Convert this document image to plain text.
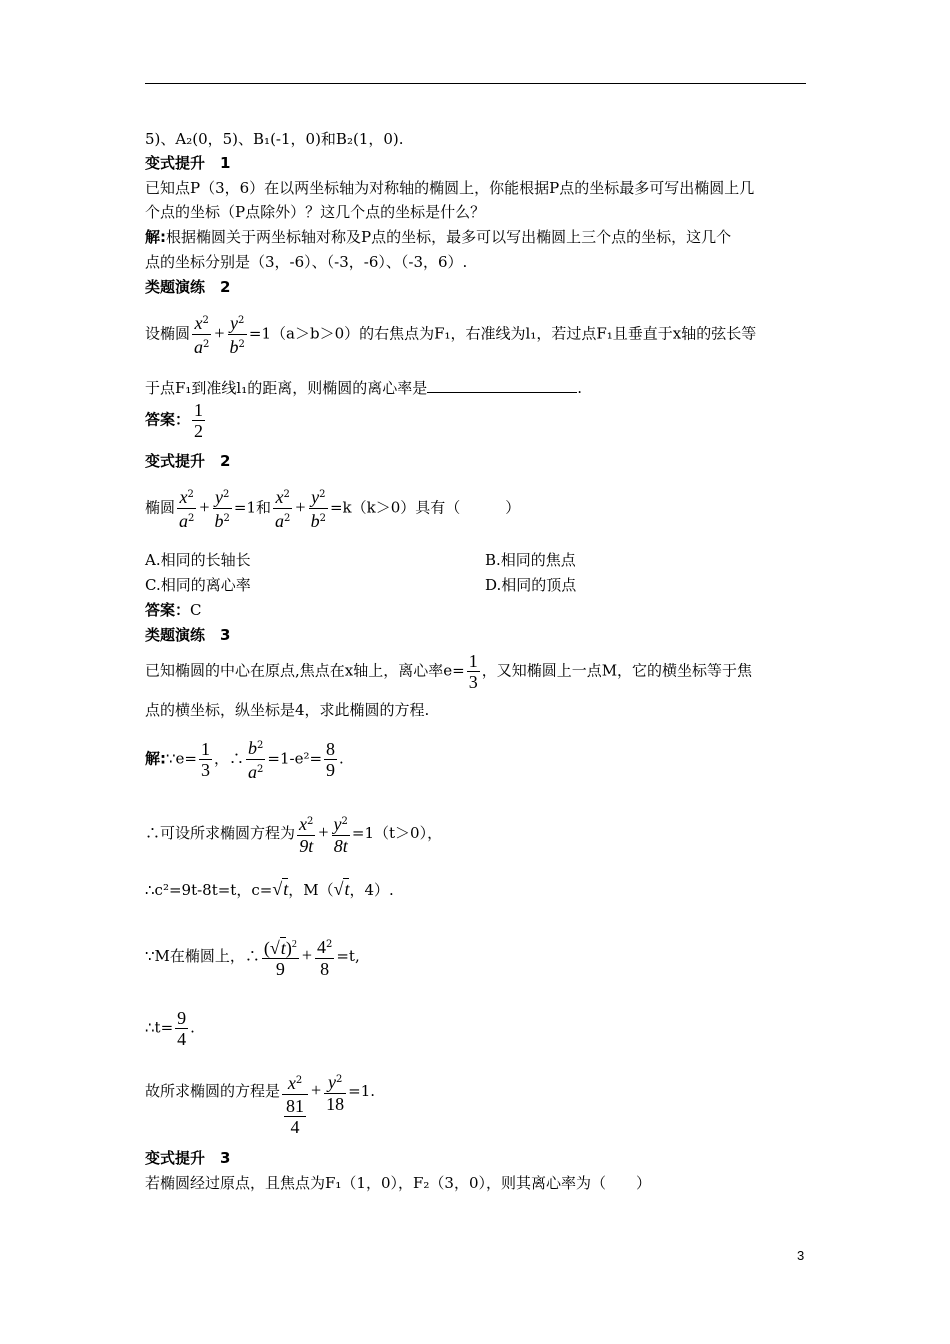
5)、A₂(0，5)、B₁(-1，0)和B₂(1，0).
变式提升　1
已知点P（3，6）在以两坐标轴为对称轴的椭圆上，你能根据P点的坐标最多可写出椭圆上几
个点的坐标（P点除外）？这几个点的坐标是什么？
解:根据椭圆关于两坐标轴对称及P点的坐标，最多可以写出椭圆上三个点的坐标，这几个
点的坐标分别是（3，-6）、（-3，-6）、（-3，6）.
类题演练　2
设椭圆 $\frac{x^2}{a^2} + \frac{y^2}{b^2} =1(a>b>0)$的右焦点为F₁，右准线为l₁，若过点F₁且垂直于x轴的弦长等
于点F₁到准线l₁的距离，则椭圆的离心率是	.
答案： $\frac{1}{2}$
变式提升　2
椭圆 $\frac{x^2}{a^2} + \frac{y^2}{b^2} =1$和 $\frac{x^2}{a^2} + \frac{y^2}{b^2} =k(k>0)$具有（　　　）
A.相同的长轴长	B.相同的焦点
C.相同的离心率	D.相同的顶点
答案：C
类题演练　3
已知椭圆的中心在原点,焦点在x轴上，离心率$e= \frac{1}{3}$ ，又知椭圆上一点M，它的横坐标等于焦
点的横坐标，纵坐标是4，求此椭圆的方程.
解:∵e= $\frac{1}{3}$ ，∴ $\frac{b^2}{a^2} =1-e^2= \frac{8}{9}$ .
∴可设所求椭圆方程为 $\frac{x^2}{9t} + \frac{y^2}{8t} =1(t>0)$，
∴c²=9t-8t=t，c=√t，M（√t，4）.
∵M在椭圆上，∴ $\frac{(√t)^2}{9} + \frac{4^2}{8} =t$,
∴t= $\frac{9}{4}$ .
故所求椭圆的方程是 $\frac{x^2}{\frac{81}{4}} + \frac{y^2}{18} =1$.
变式提升　3
若椭圆经过原点，且焦点为F₁（1，0），F₂（3，0），则其离心率为（　　）
3
